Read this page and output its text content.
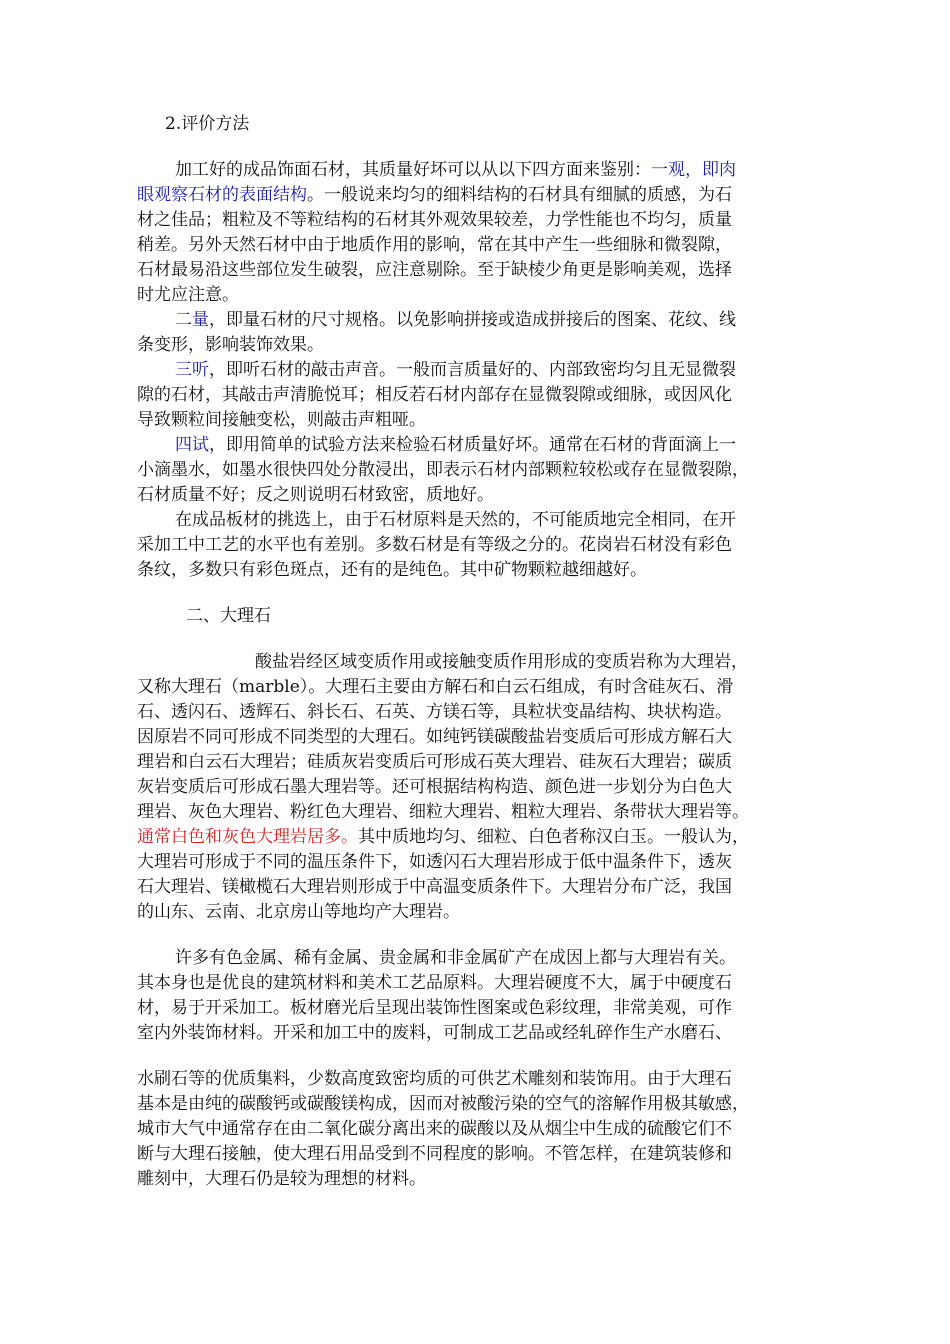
2.评价方法
加工好的成品饰面石材，其质量好坏可以从以下四方面来鉴别：一观，即肉
眼观察石材的表面结构。一般说来均匀的细料结构的石材具有细腻的质感，为石
材之佳品；粗粒及不等粒结构的石材其外观效果较差，力学性能也不均匀，质量
稍差。另外天然石材中由于地质作用的影响，常在其中产生一些细脉和微裂隙，
石材最易沿这些部位发生破裂，应注意剔除。至于缺棱少角更是影响美观，选择
时尤应注意。
二量，即量石材的尺寸规格。以免影响拼接或造成拼接后的图案、花纹、线
条变形，影响装饰效果。
三听，即听石材的敲击声音。一般而言质量好的、内部致密均匀且无显微裂
隙的石材，其敲击声清脆悦耳；相反若石材内部存在显微裂隙或细脉，或因风化
导致颗粒间接触变松，则敲击声粗哑。
四试，即用简单的试验方法来检验石材质量好坏。通常在石材的背面滴上一
小滴墨水，如墨水很快四处分散浸出，即表示石材内部颗粒较松或存在显微裂隙，
石材质量不好；反之则说明石材致密，质地好。
在成品板材的挑选上，由于石材原料是天然的，不可能质地完全相同，在开
采加工中工艺的水平也有差别。多数石材是有等级之分的。花岗岩石材没有彩色
条纹，多数只有彩色斑点，还有的是纯色。其中矿物颗粒越细越好。
二、大理石
酸盐岩经区域变质作用或接触变质作用形成的变质岩称为大理岩，
又称大理石（marble）。大理石主要由方解石和白云石组成，有时含硅灰石、滑
石、透闪石、透辉石、斜长石、石英、方镁石等，具粒状变晶结构、块状构造。
因原岩不同可形成不同类型的大理石。如纯钙镁碳酸盐岩变质后可形成方解石大
理岩和白云石大理岩；硅质灰岩变质后可形成石英大理岩、硅灰石大理岩；碳质
灰岩变质后可形成石墨大理岩等。还可根据结构构造、颜色进一步划分为白色大
理岩、灰色大理岩、粉红色大理岩、细粒大理岩、粗粒大理岩、条带状大理岩等。
通常白色和灰色大理岩居多。其中质地均匀、细粒、白色者称汉白玉。一般认为，
大理岩可形成于不同的温压条件下，如透闪石大理岩形成于低中温条件下，透灰
石大理岩、镁橄榄石大理岩则形成于中高温变质条件下。大理岩分布广泛，我国
的山东、云南、北京房山等地均产大理岩。
许多有色金属、稀有金属、贵金属和非金属矿产在成因上都与大理岩有关。
其本身也是优良的建筑材料和美术工艺品原料。大理岩硬度不大，属于中硬度石
材，易于开采加工。板材磨光后呈现出装饰性图案或色彩纹理，非常美观，可作
室内外装饰材料。开采和加工中的废料，可制成工艺品或经轧碎作生产水磨石、
水刷石等的优质集料，少数高度致密均质的可供艺术雕刻和装饰用。由于大理石
基本是由纯的碳酸钙或碳酸镁构成，因而对被酸污染的空气的溶解作用极其敏感，
城市大气中通常存在由二氧化碳分离出来的碳酸以及从烟尘中生成的硫酸它们不
断与大理石接触，使大理石用品受到不同程度的影响。不管怎样，在建筑装修和
雕刻中，大理石仍是较为理想的材料。
